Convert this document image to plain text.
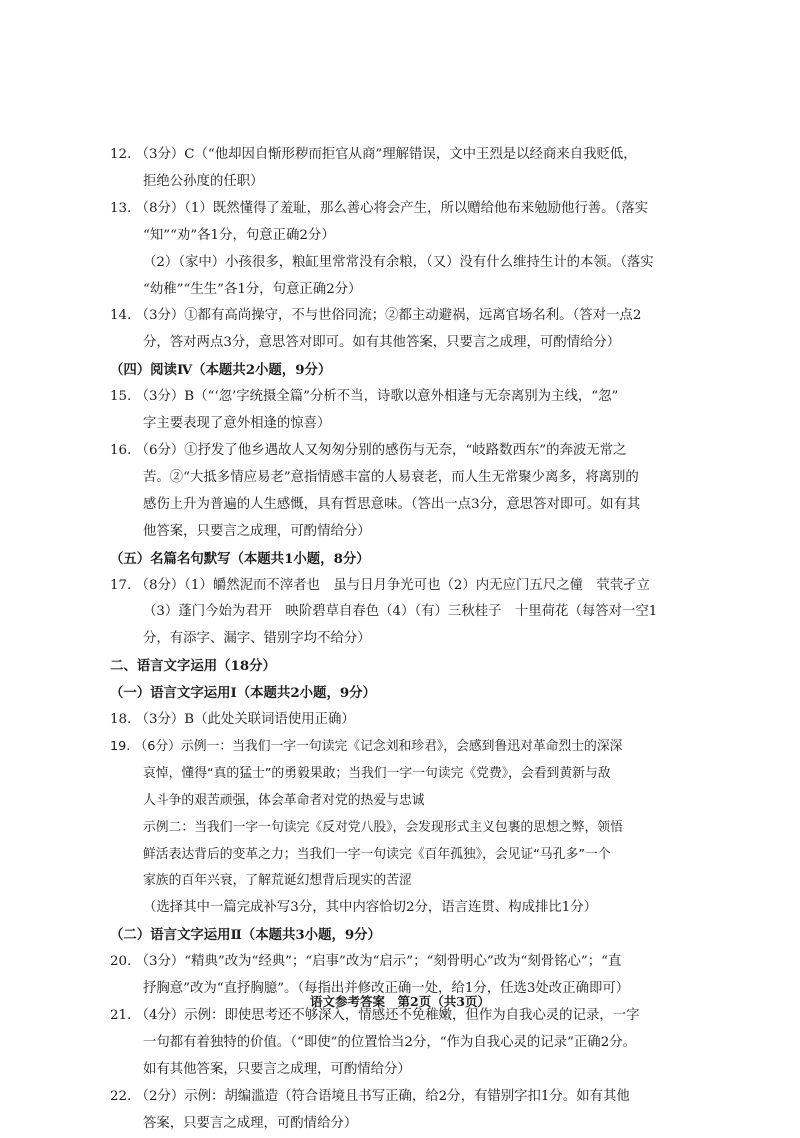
12. （3分）C（“他却因自惭形秽而拒官从商”理解错误，文中王烈是以经商来自我贬低，

拒绝公孙度的任职）

13. （8分）（1）既然懂得了羞耻，那么善心将会产生，所以赠给他布来勉励他行善。（落实

“知”“劝”各1分，句意正确2分）

（2）（家中）小孩很多，粮缸里常常没有余粮，（又）没有什么维持生计的本领。（落实

“幼稚”“生生”各1分，句意正确2分）

14. （3分）①都有高尚操守，不与世俗同流；②都主动避祸，远离官场名利。（答对一点2

分，答对两点3分，意思答对即可。如有其他答案，只要言之成理，可酌情给分）

（四）阅读Ⅳ（本题共2小题，9分）

15. （3分）B（“‘忽’字统摄全篇”分析不当，诗歌以意外相逢与无奈离别为主线，“忽”

字主要表现了意外相逢的惊喜）

16. （6分）①抒发了他乡遇故人又匆匆分别的感伤与无奈，“岐路数西东”的奔波无常之

苦。②“大抵多情应易老”意指情感丰富的人易衰老，而人生无常聚少离多，将离别的

感伤上升为普遍的人生感慨，具有哲思意味。（答出一点3分，意思答对即可。如有其

他答案，只要言之成理，可酌情给分）

（五）名篇名句默写（本题共1小题，8分）

17. （8分）（1）皭然泥而不滓者也　虽与日月争光可也（2）内无应门五尺之僮　茕茕孑立

（3）蓬门今始为君开　映阶碧草自春色（4）（有）三秋桂子　十里荷花（每答对一空1

分，有添字、漏字、错别字均不给分）

二、语言文字运用（18分）

（一）语言文字运用Ⅰ（本题共2小题，9分）

18. （3分）B（此处关联词语使用正确）

19. （6分）示例一：当我们一字一句读完《记念刘和珍君》，会感到鲁迅对革命烈士的深深

哀悼，懂得“真的猛士”的勇毅果敢；当我们一字一句读完《党费》，会看到黄新与敌

人斗争的艰苦顽强，体会革命者对党的热爱与忠诚

示例二：当我们一字一句读完《反对党八股》，会发现形式主义包裹的思想之弊，领悟

鲜活表达背后的变革之力；当我们一字一句读完《百年孤独》，会见证“马孔多”一个

家族的百年兴衰，了解荒诞幻想背后现实的苦涩

（选择其中一篇完成补写3分，其中内容恰切2分，语言连贯、构成排比1分）

（二）语言文字运用Ⅱ（本题共3小题，9分）

20. （3分）“精典”改为“经典”；“启事”改为“启示”；“刻骨明心”改为“刻骨铭心”；“直

抒胸意”改为“直抒胸臆”。（每指出并修改正确一处，给1分，任选3处改正确即可）

21. （4分）示例：即使思考还不够深入，情感还不免稚嫩，但作为自我心灵的记录，一字

一句都有着独特的价值。（“即使”的位置恰当2分，“作为自我心灵的记录”正确2分。

如有其他答案，只要言之成理，可酌情给分）

22. （2分）示例：胡编滥造（符合语境且书写正确，给2分，有错别字扣1分。如有其他

答案，只要言之成理，可酌情给分）

语文参考答案　第2页（共3页）
